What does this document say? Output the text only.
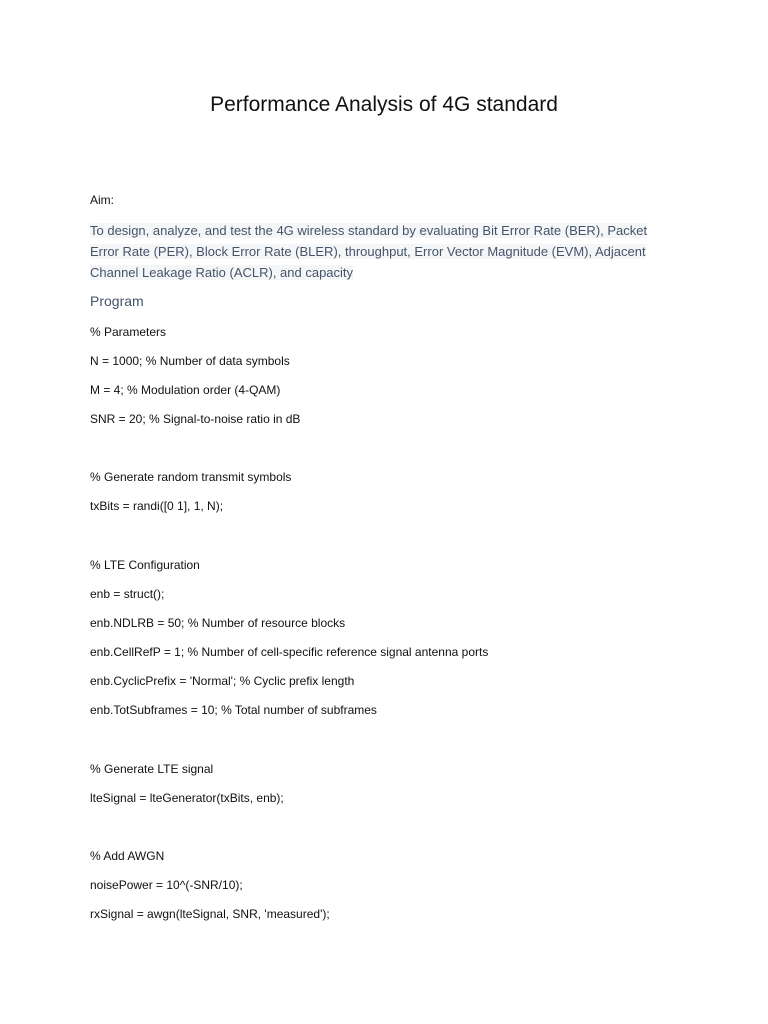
Performance Analysis of 4G standard
Aim:
To design, analyze, and test the 4G wireless standard by evaluating Bit Error Rate (BER), Packet
Error Rate (PER), Block Error Rate (BLER), throughput, Error Vector Magnitude (EVM), Adjacent
Channel Leakage Ratio (ACLR), and capacity
Program
% Parameters
N = 1000; % Number of data symbols
M = 4; % Modulation order (4-QAM)
SNR = 20; % Signal-to-noise ratio in dB
% Generate random transmit symbols
txBits = randi([0 1], 1, N);
% LTE Configuration
enb = struct();
enb.NDLRB = 50; % Number of resource blocks
enb.CellRefP = 1; % Number of cell-specific reference signal antenna ports
enb.CyclicPrefix = 'Normal'; % Cyclic prefix length
enb.TotSubframes = 10; % Total number of subframes
% Generate LTE signal
lteSignal = lteGenerator(txBits, enb);
% Add AWGN
noisePower = 10^(-SNR/10);
rxSignal = awgn(lteSignal, SNR, 'measured');
